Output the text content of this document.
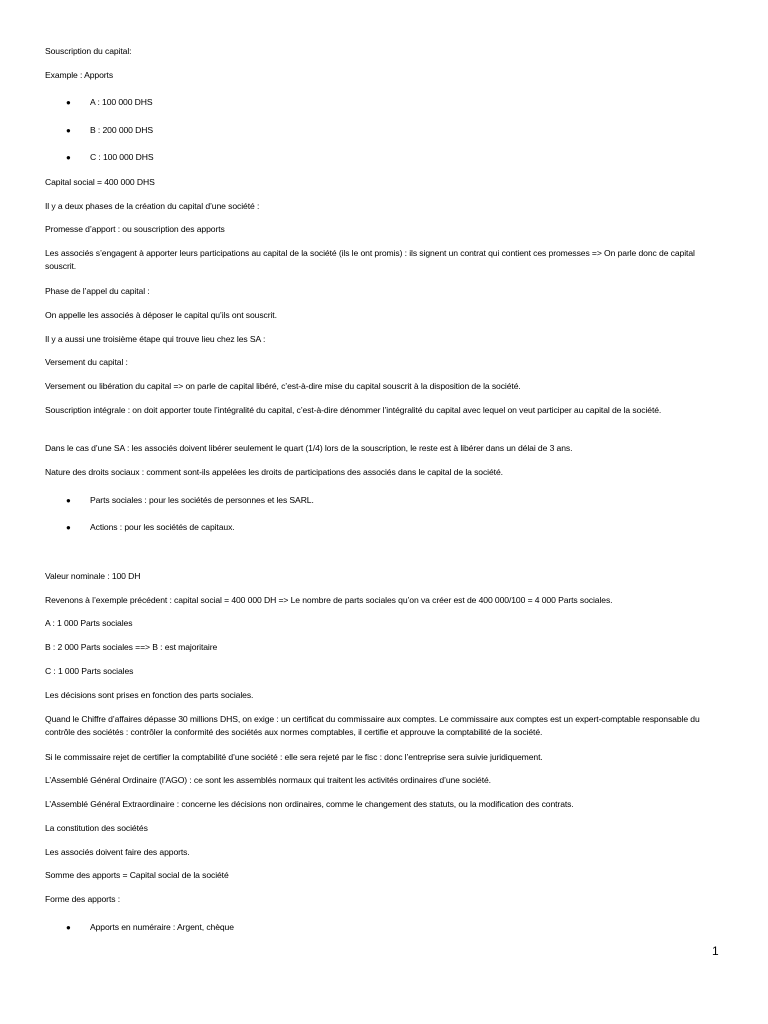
Souscription du capital:
Example : Apports
●	A : 100 000 DHS
●	B : 200 000 DHS
●	C : 100 000 DHS
Capital social = 400 000 DHS
Il y a deux phases de la création du capital d’une société :
Promesse d’apport : ou souscription des apports
Les associés s’engagent à apporter leurs participations au capital de la société (ils le ont promis) : ils signent un contrat qui contient ces promesses => On parle donc de capital souscrit.
Phase de l’appel du capital :
On appelle les associés à déposer le capital qu’ils ont souscrit.
Il y a aussi une troisième étape qui trouve lieu chez les SA :
Versement du capital :
Versement ou libération du capital => on parle de capital libéré, c’est-à-dire mise du capital souscrit à la disposition de la société.
Souscription intégrale : on doit apporter toute l’intégralité du capital, c’est-à-dire dénommer l’intégralité du capital avec lequel on veut participer au capital de la société.
Dans le cas d’une SA : les associés doivent libérer seulement le quart (1/4) lors de la souscription, le reste est à libérer dans un délai de 3 ans.
Nature des droits sociaux : comment sont-ils appelées les droits de participations des associés dans le capital de la société.
●	Parts sociales : pour les sociétés de personnes et les SARL.
●	Actions : pour les sociétés de capitaux.
Valeur nominale : 100 DH
Revenons à l’exemple précédent : capital social = 400 000 DH => Le nombre de parts sociales qu’on va créer est de 400 000/100 = 4 000 Parts sociales.
A : 1 000 Parts sociales
B : 2 000 Parts sociales ==> B : est majoritaire
C : 1 000 Parts sociales
Les décisions sont prises en fonction des parts sociales.
Quand le Chiffre d’affaires dépasse 30 millions DHS, on exige : un certificat du commissaire aux comptes. Le commissaire aux comptes est un expert-comptable responsable du contrôle des sociétés : contrôler la conformité des sociétés aux normes comptables, il certifie et approuve la comptabilité de la société.
Si le commissaire rejet de certifier la comptabilité d’une société : elle sera rejeté par le fisc : donc l’entreprise sera suivie juridiquement.
L’Assemblé Général Ordinaire (l’AGO) : ce sont les assemblés normaux qui traitent les activités ordinaires d’une société.
L’Assemblé Général Extraordinaire : concerne les décisions non ordinaires, comme le changement des statuts, ou la modification des contrats.
La constitution des sociétés
Les associés doivent faire des apports.
Somme des apports = Capital social de la société
Forme des apports :
●	Apports en numéraire : Argent, chèque
1
